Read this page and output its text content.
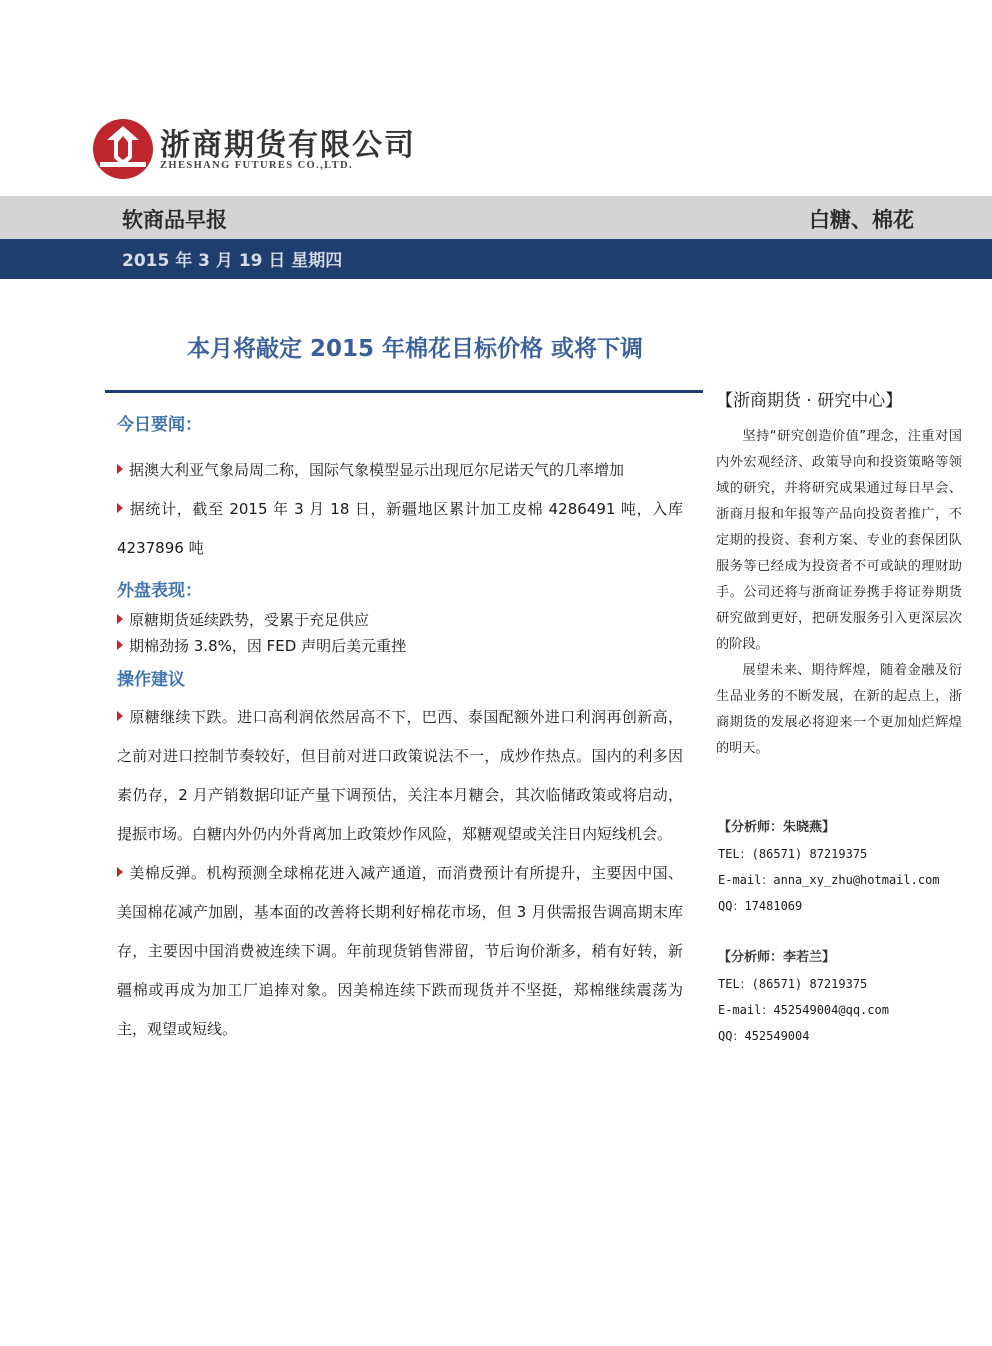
浙商期货有限公司
ZHESHANG FUTURES CO.,LTD.
软商品早报	白糖、棉花
2015 年 3 月 19 日 星期四
本月将敲定 2015 年棉花目标价格 或将下调

今日要闻：

据澳大利亚气象局周二称，国际气象模型显示出现厄尔尼诺天气的几率增加

据统计，截至 2015 年 3 月 18 日，新疆地区累计加工皮棉 4286491 吨，入库 4237896 吨

外盘表现：

原糖期货延续跌势，受累于充足供应

期棉劲扬 3.8%，因 FED 声明后美元重挫

操作建议

原糖继续下跌。进口高利润依然居高不下，巴西、泰国配额外进口利润再创新高，之前对进口控制节奏较好，但目前对进口政策说法不一，成炒作热点。国内的利多因素仍存，2 月产销数据印证产量下调预估，关注本月糖会，其次临储政策或将启动，提振市场。白糖内外仍内外背离加上政策炒作风险，郑糖观望或关注日内短线机会。

美棉反弹。机构预测全球棉花进入减产通道，而消费预计有所提升，主要因中国、美国棉花减产加剧，基本面的改善将长期利好棉花市场，但 3 月供需报告调高期末库存，主要因中国消费被连续下调。年前现货销售滞留，节后询价渐多，稍有好转，新疆棉或再成为加工厂追捧对象。因美棉连续下跌而现货并不坚挺，郑棉继续震荡为主，观望或短线。

【浙商期货 · 研究中心】

坚持“研究创造价值”理念，注重对国内外宏观经济、政策导向和投资策略等领域的研究，并将研究成果通过每日早会、浙商月报和年报等产品向投资者推广，不定期的投资、套利方案、专业的套保团队服务等已经成为投资者不可或缺的理财助手。公司还将与浙商证券携手将证券期货研究做到更好，把研发服务引入更深层次的阶段。

展望未来、期待辉煌，随着金融及衍生品业务的不断发展，在新的起点上，浙商期货的发展必将迎来一个更加灿烂辉煌的明天。

【分析师：朱晓燕】
TEL：(86571) 87219375
E-mail：anna_xy_zhu@hotmail.com
QQ：17481069
【分析师：李若兰】
TEL：(86571) 87219375
E-mail：452549004@qq.com
QQ：452549004
